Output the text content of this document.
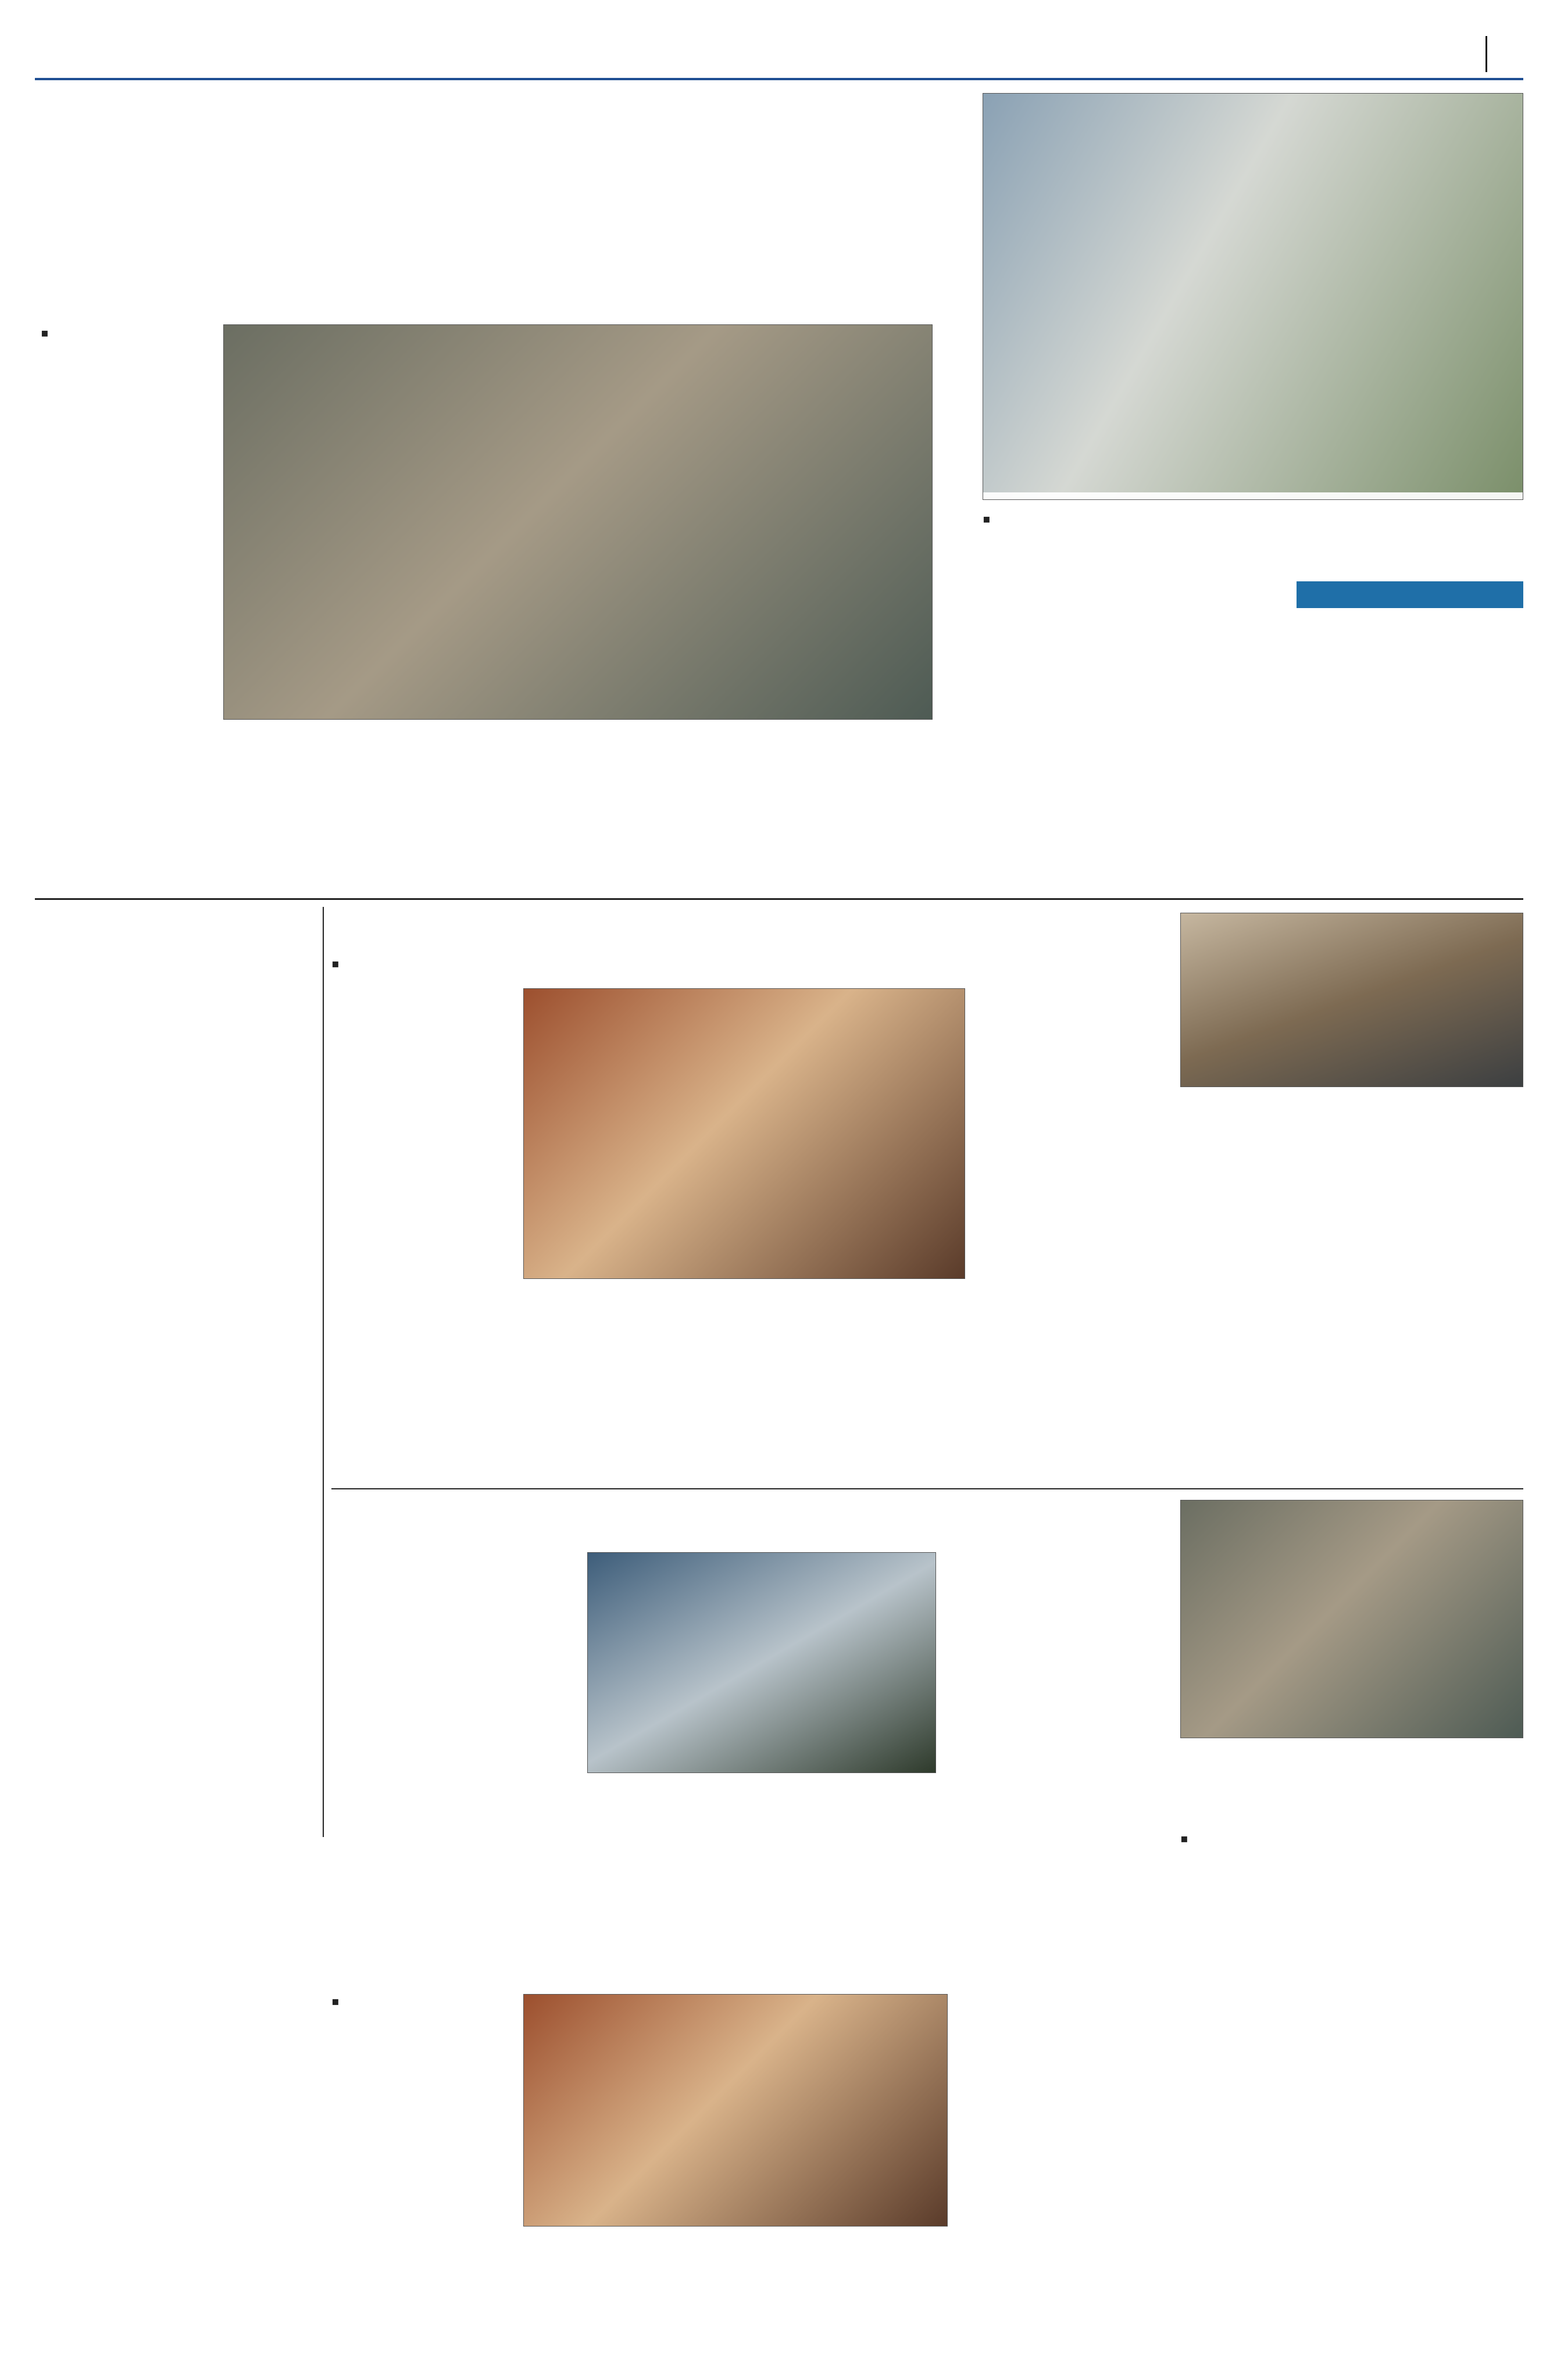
▪

▪

▪

▪

▪
